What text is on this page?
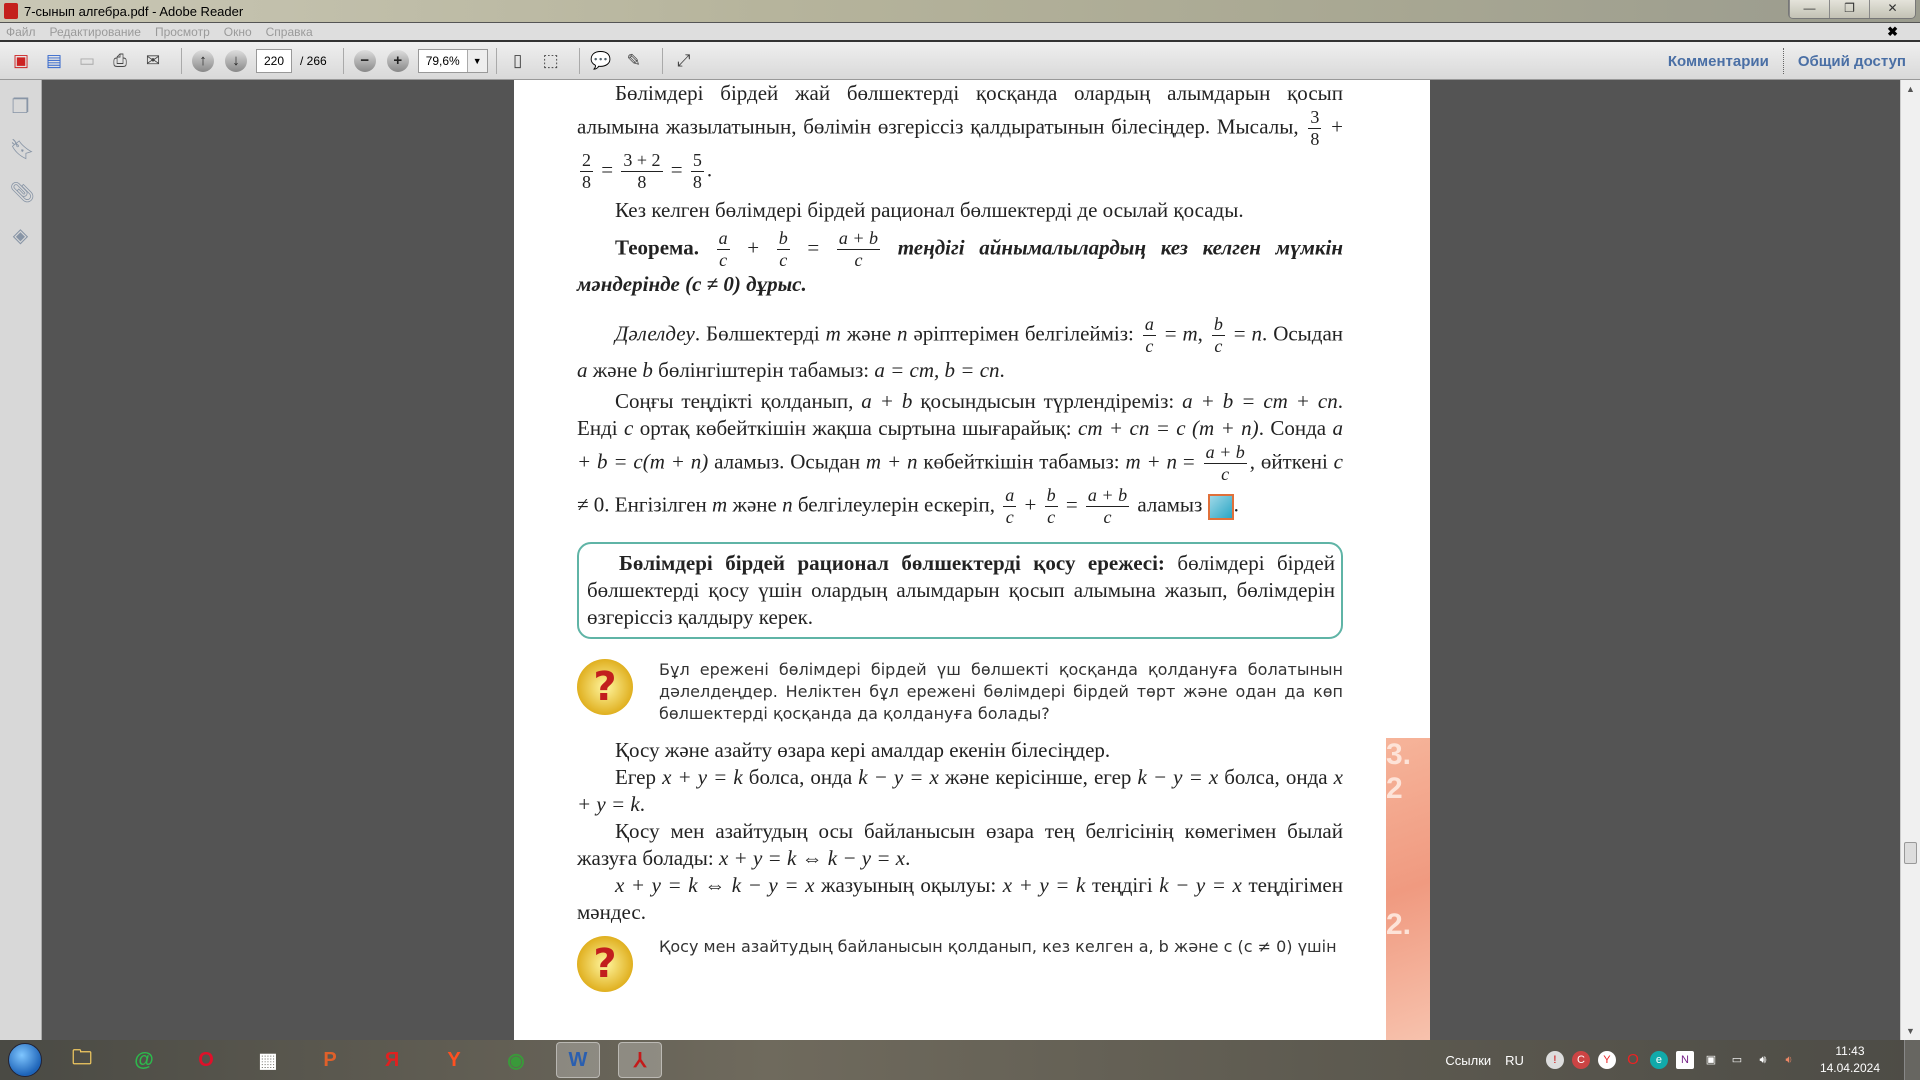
7-сынып алгебра.pdf - Adobe Reader	—	❐	✕
Файл Редактирование Просмотр Окно Справка	✖
▣ ▤ ▭	⎙	✉	↑	↓	220	/ 266	−	+	79,6%	▼	▯	⬚ 💬 ✎	⤢	Комментарии Общий доступ
❐
🔖︎
📎︎
◈
Бөлімдері бірдей жай бөлшектерді қосқанда олардың алымдарын қосып алымына жазылатынын, бөлімін өзгеріссіз қалдыратынын білесіңдер. Мысалы, $\frac{3}{8}$ +
$\frac{2}{8} = \frac{3 + 2}{8} = \frac{5}{8}$ .
Кез келген бөлімдері бірдей рационал бөлшектерді де осылай қосады.
Теорема. $\frac{a}{c} + \frac{b}{c} = \frac{a + b}{c}$ теңдігі айнымалылардың кез келген мүмкін мәндерінде (c ≠ 0) дұрыс.
Дәлелдеу. Бөлшектерді m және n әріптерімен белгілейміз: $\frac{a}{c} = m$, $\frac{b}{c} = n$. Осыдан a және b бөлінгіштерін табамыз: a = cm, b = cn.
Соңғы теңдікті қолданып, a + b қосындысын түрлендіреміз: a + b = cm + cn. Енді c ортақ көбейткішін жақша сыртына шығарайық: cm + cn = c (m + n). Сонда a + b = c(m + n) аламыз. Осыдан m + n көбейткішін табамыз: $m + n = \frac{a + b}{c}$ , өйткені c ≠ 0. Енгізілген m және n белгілеулерін ескеріп, $\frac{a}{c} + \frac{b}{c} = \frac{a + b}{c}$ аламыз .
Бөлімдері бірдей рационал бөлшектерді қосу ережесі: бөлімдері бірдей бөлшектерді қосу үшін олардың алымдарын қосып алымына жазып, бөлімдерін өзгеріссіз қалдыру керек.
?	Бұл ережені бөлімдері бірдей үш бөлшекті қосқанда қолдануға болатынын дәлелдеңдер. Неліктен бұл ережені бөлімдері бірдей төрт және одан да көп бөлшектерді қосқанда да қолдануға болады?
Қосу және азайту өзара кері амалдар екенін білесіңдер.
Егер x + y = k болса, онда k − y = x және керісінше, егер k − y = x болса, онда x + y = k.
Қосу мен азайтудың осы байланысын өзара тең белгісінің көмегімен былай жазуға болады: x + y = k ⇔ k − y = x.
x + y = k ⇔ k − y = x жазуының оқылуы: x + y = k теңдігі k − y = x теңдігімен мәндес.
?	Қосу мен азайтудың байланысын қолданып, кез келген a, b және c (c ≠ 0) үшін
3.
2

2.
▲
▼
🗀	@	O	▦	P	Я	Y	◉	W	⅄	Ссылки RU	!	C	Y	O	e	N	▣	▭	🔊︎	🔉︎
11:43
14.04.2024
